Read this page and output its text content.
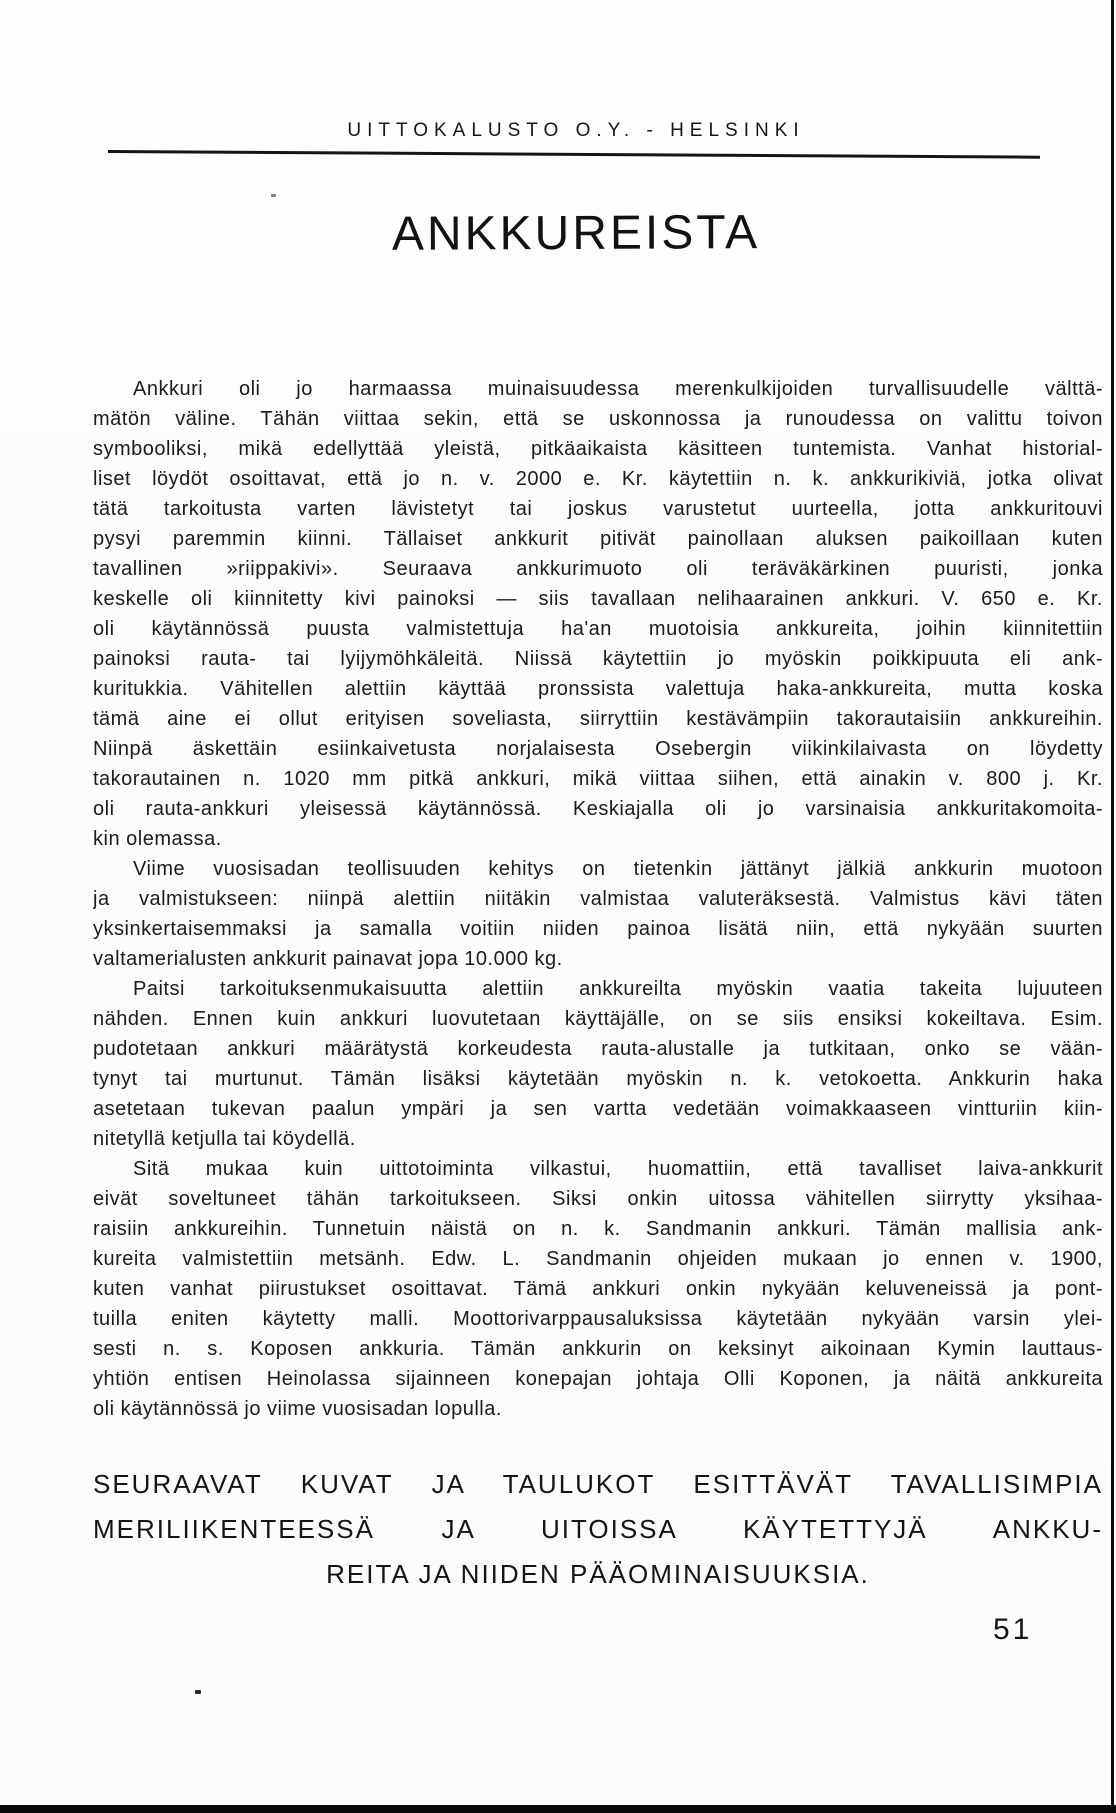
UITTOKALUSTO O.Y. - HELSINKI
ANKKUREISTA
Ankkuri oli jo harmaassa muinaisuudessa merenkulkijoiden turvallisuudelle välttä-
mätön väline. Tähän viittaa sekin, että se uskonnossa ja runoudessa on valittu toivon
symbooliksi, mikä edellyttää yleistä, pitkäaikaista käsitteen tuntemista. Vanhat historial-
liset löydöt osoittavat, että jo n. v. 2000 e. Kr. käytettiin n. k. ankkurikiviä, jotka olivat
tätä tarkoitusta varten lävistetyt tai joskus varustetut uurteella, jotta ankkuritouvi
pysyi paremmin kiinni. Tällaiset ankkurit pitivät painollaan aluksen paikoillaan kuten
tavallinen »riippakivi». Seuraava ankkurimuoto oli teräväkärkinen puuristi, jonka
keskelle oli kiinnitetty kivi painoksi — siis tavallaan nelihaarainen ankkuri. V. 650 e. Kr.
oli käytännössä puusta valmistettuja ha'an muotoisia ankkureita, joihin kiinnitettiin
painoksi rauta- tai lyijymöhkäleitä. Niissä käytettiin jo myöskin poikkipuuta eli ank-
kuritukkia. Vähitellen alettiin käyttää pronssista valettuja haka-ankkureita, mutta koska
tämä aine ei ollut erityisen soveliasta, siirryttiin kestävämpiin takorautaisiin ankkureihin.
Niinpä äskettäin esiinkaivetusta norjalaisesta Osebergin viikinkilaivasta on löydetty
takorautainen n. 1020 mm pitkä ankkuri, mikä viittaa siihen, että ainakin v. 800 j. Kr.
oli rauta-ankkuri yleisessä käytännössä. Keskiajalla oli jo varsinaisia ankkuritakomoita-
kin olemassa.
Viime vuosisadan teollisuuden kehitys on tietenkin jättänyt jälkiä ankkurin muotoon
ja valmistukseen: niinpä alettiin niitäkin valmistaa valuteräksestä. Valmistus kävi täten
yksinkertaisemmaksi ja samalla voitiin niiden painoa lisätä niin, että nykyään suurten
valtamerialusten ankkurit painavat jopa 10.000 kg.
Paitsi tarkoituksenmukaisuutta alettiin ankkureilta myöskin vaatia takeita lujuuteen
nähden. Ennen kuin ankkuri luovutetaan käyttäjälle, on se siis ensiksi kokeiltava. Esim.
pudotetaan ankkuri määrätystä korkeudesta rauta-alustalle ja tutkitaan, onko se vään-
tynyt tai murtunut. Tämän lisäksi käytetään myöskin n. k. vetokoetta. Ankkurin haka
asetetaan tukevan paalun ympäri ja sen vartta vedetään voimakkaaseen vintturiin kiin-
nitetyllä ketjulla tai köydellä.
Sitä mukaa kuin uittotoiminta vilkastui, huomattiin, että tavalliset laiva-ankkurit
eivät soveltuneet tähän tarkoitukseen. Siksi onkin uitossa vähitellen siirrytty yksihaa-
raisiin ankkureihin. Tunnetuin näistä on n. k. Sandmanin ankkuri. Tämän mallisia ank-
kureita valmistettiin metsänh. Edw. L. Sandmanin ohjeiden mukaan jo ennen v. 1900,
kuten vanhat piirustukset osoittavat. Tämä ankkuri onkin nykyään keluveneissä ja pont-
tuilla eniten käytetty malli. Moottorivarppausaluksissa käytetään nykyään varsin ylei-
sesti n. s. Koposen ankkuria. Tämän ankkurin on keksinyt aikoinaan Kymin lauttaus-
yhtiön entisen Heinolassa sijainneen konepajan johtaja Olli Koponen, ja näitä ankkureita
oli käytännössä jo viime vuosisadan lopulla.
SEURAAVAT KUVAT JA TAULUKOT ESITTÄVÄT TAVALLISIMPIA
MERILIIKENTEESSÄ JA UITOISSA KÄYTETTYJÄ ANKKU-
REITA JA NIIDEN PÄÄOMINAISUUKSIA.
51
